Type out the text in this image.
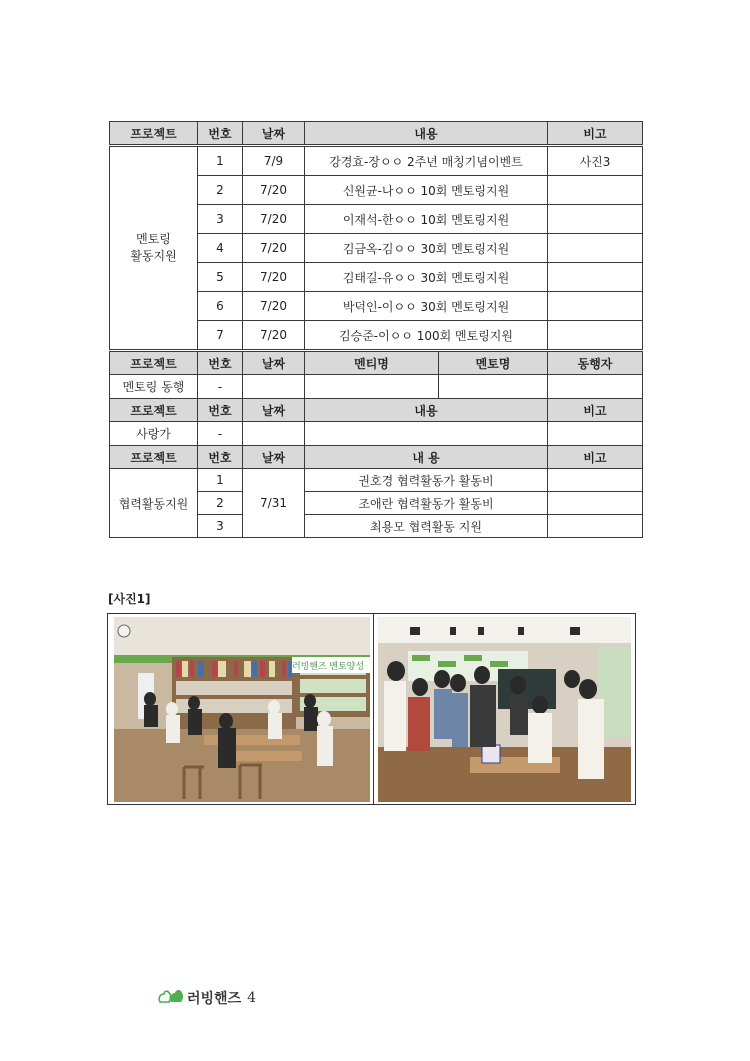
프로젝트	번호	날짜	내용		비고
멘토링
활동지원	1	7/9	강경효-장ㅇㅇ 2주년 매칭기념이벤트		사진3
	2	7/20	신원균-나ㅇㅇ 10회 멘토링지원		
	3	7/20	이재석-한ㅇㅇ 10회 멘토링지원		
	4	7/20	김금옥-김ㅇㅇ 30회 멘토링지원		
	5	7/20	김태길-유ㅇㅇ 30회 멘토링지원		
	6	7/20	박덕인-이ㅇㅇ 30회 멘토링지원		
	7	7/20	김승준-이ㅇㅇ 100회 멘토링지원		
프로젝트	번호	날짜	멘티명	멘토명	동행자
멘토링 동행	-				
프로젝트	번호	날짜	내용		비고
사랑가	-				
프로젝트	번호	날짜	내 용		비고
협력활동지원	1	7/31	권호경 협력활동가 활동비		
	2		조애란 협력활동가 활동비		
	3		최용모 협력활동 지원		
[사진1]
러빙핸즈 멘토양성
러빙핸즈 4
